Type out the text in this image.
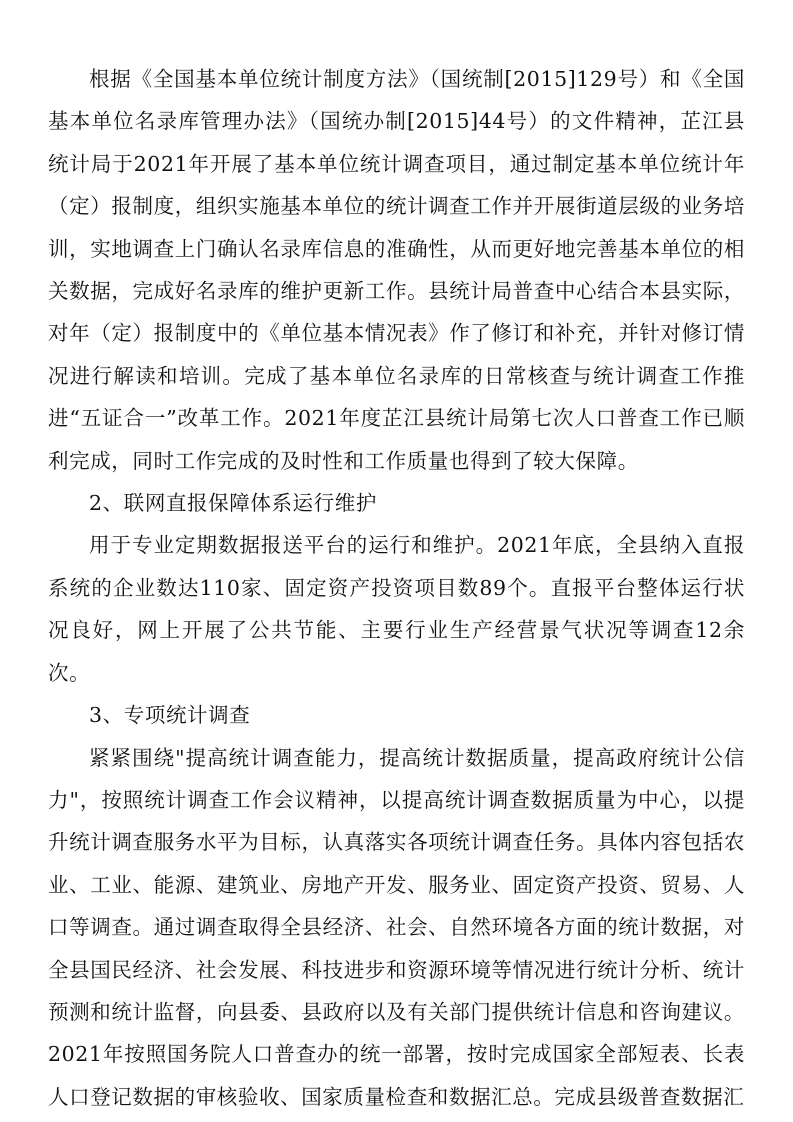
根据《全国基本单位统计制度方法》（国统制[2015]129号）和《全国基本单位名录库管理办法》（国统办制[2015]44号）的文件精神，芷江县统计局于2021年开展了基本单位统计调查项目，通过制定基本单位统计年（定）报制度，组织实施基本单位的统计调查工作并开展街道层级的业务培训，实地调查上门确认名录库信息的准确性，从而更好地完善基本单位的相关数据，完成好名录库的维护更新工作。县统计局普查中心结合本县实际，对年（定）报制度中的《单位基本情况表》作了修订和补充，并针对修订情况进行解读和培训。完成了基本单位名录库的日常核查与统计调查工作推进“五证合一”改革工作。2021年度芷江县统计局第七次人口普查工作已顺利完成，同时工作完成的及时性和工作质量也得到了较大保障。

2、联网直报保障体系运行维护

用于专业定期数据报送平台的运行和维护。2021年底，全县纳入直报系统的企业数达110家、固定资产投资项目数89个。直报平台整体运行状况良好，网上开展了公共节能、主要行业生产经营景气状况等调查12余次。

3、专项统计调查

紧紧围绕"提高统计调查能力，提高统计数据质量，提高政府统计公信力"，按照统计调查工作会议精神，以提高统计调查数据质量为中心，以提升统计调查服务水平为目标，认真落实各项统计调查任务。具体内容包括农业、工业、能源、建筑业、房地产开发、服务业、固定资产投资、贸易、人口等调查。通过调查取得全县经济、社会、自然环境各方面的统计数据，对全县国民经济、社会发展、科技进步和资源环境等情况进行统计分析、统计预测和统计监督，向县委、县政府以及有关部门提供统计信息和咨询建议。2021年按照国务院人口普查办的统一部署，按时完成国家全部短表、长表人口登记数据的审核验收、国家质量检查和数据汇总。完成县级普查数据汇
